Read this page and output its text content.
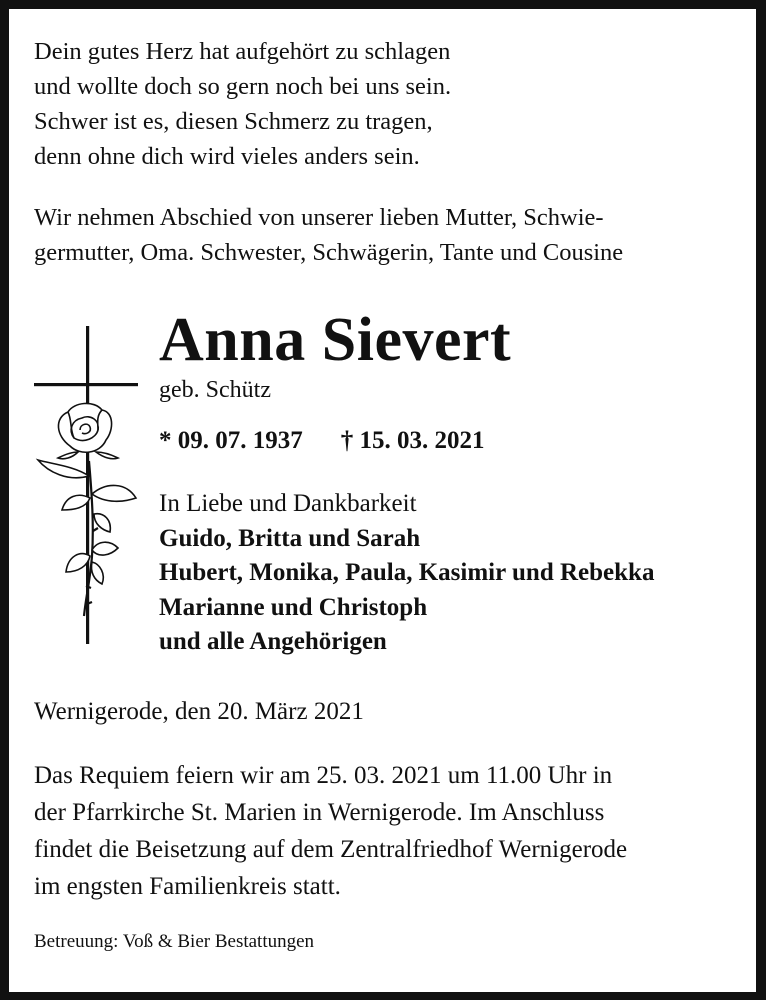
Dein gutes Herz hat aufgehört zu schlagen

und wollte doch so gern noch bei uns sein.

Schwer ist es, diesen Schmerz zu tragen,

denn ohne dich wird vieles anders sein.

Wir nehmen Abschied von unserer lieben Mutter, Schwie-

germutter, Oma. Schwester, Schwägerin, Tante und Cousine

Anna Sievert

geb. Schütz

* 09. 07. 1937 † 15. 03. 2021
In Liebe und Dankbarkeit
Guido, Britta und Sarah
Hubert, Monika, Paula, Kasimir und Rebekka
Marianne und Christoph
und alle Angehörigen

Wernigerode, den 20. März 2021

Das Requiem feiern wir am 25. 03. 2021 um 11.00 Uhr in

der Pfarrkirche St. Marien in Wernigerode. Im Anschluss

findet die Beisetzung auf dem Zentralfriedhof Wernigerode

im engsten Familienkreis statt.

Betreuung: Voß & Bier Bestattungen
